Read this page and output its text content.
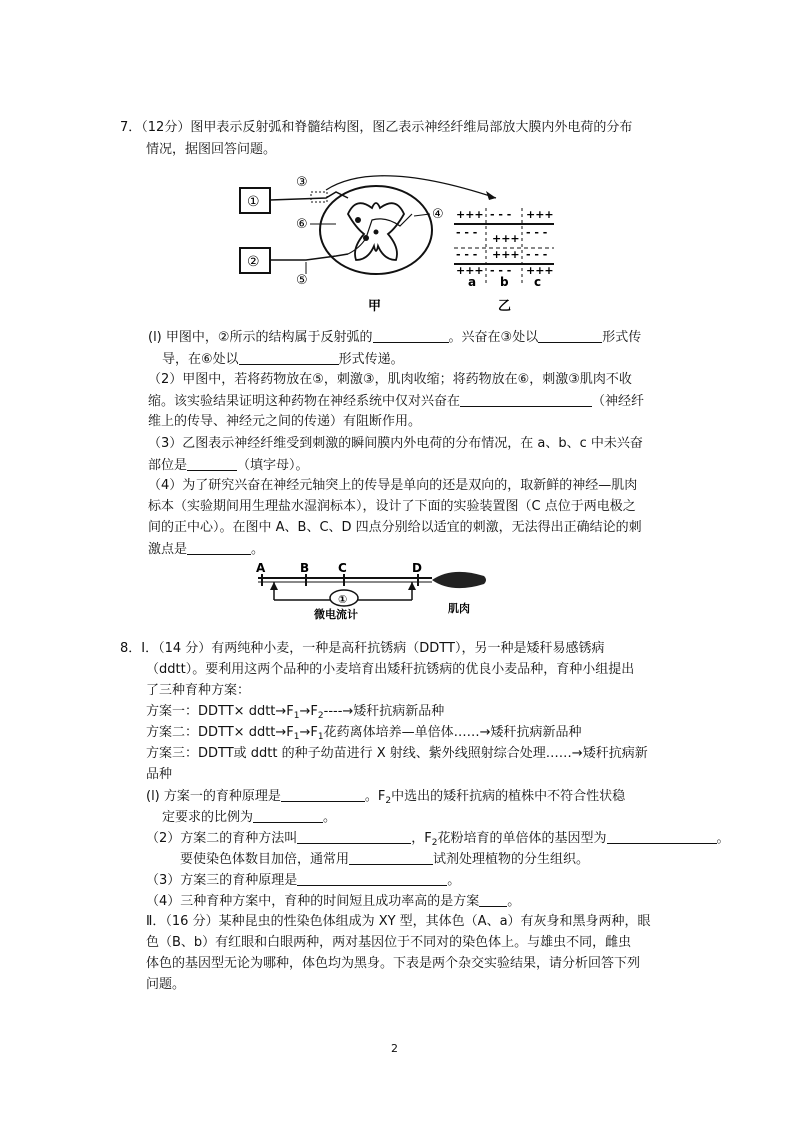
7．（12分）图甲表示反射弧和脊髓结构图，图乙表示神经纤维局部放大膜内外电荷的分布
情况，据图回答问题。
①
②
③
⑥
④
⑤
甲
+++ - - - +++
- - - +++ - - -
- - - +++ - - -
+++ - - - +++
a b c
乙
(l) 甲图中，②所示的结构属于反射弧的	。兴奋在③处以	形式传
导，在⑥处以	形式传递。
（2）甲图中，若将药物放在⑤，刺激③，肌肉收缩；将药物放在⑥，刺激③肌肉不收
缩。该实验结果证明这种药物在神经系统中仅对兴奋在	（神经纤
维上的传导、神经元之间的传递）有阻断作用。
（3）乙图表示神经纤维受到刺激的瞬间膜内外电荷的分布情况，在 a、b、c 中未兴奋
部位是	（填字母）。
（4）为了研究兴奋在神经元轴突上的传导是单向的还是双向的，取新鲜的神经—肌肉
标本（实验期间用生理盐水湿润标本），设计了下面的实验装置图（C 点位于两电极之
间的正中心）。在图中 A、B、C、D 四点分别给以适宜的刺激，无法得出正确结论的刺
激点是	。
A	B C	D
①
微电流计	肌肉
8．Ⅰ．（14 分）有两纯种小麦，一种是高秆抗锈病（DDTT），另一种是矮秆易感锈病
（ddtt）。要利用这两个品种的小麦培育出矮秆抗锈病的优良小麦品种，育种小组提出
了三种育种方案：
方案一：DDTT× $ddtt\to F_1\to F_2----\to$矮秆抗病新品种
方案二：DDTT× $ddtt\to F_1\to F_1$花药离体培养—单倍体……→矮秆抗病新品种
方案三：DDTT或 ddtt 的种子幼苗进行 X 射线、紫外线照射综合处理……→矮秆抗病新
品种
(l) 方案一的育种原理是	。$F_2$中选出的矮秆抗病的植株中不符合性状稳
定要求的比例为	。
（2）方案二的育种方法叫	，$F_2$花粉培育的单倍体的基因型为	。
要使染色体数目加倍，通常用	试剂处理植物的分生组织。
（3）方案三的育种原理是	。
（4）三种育种方案中，育种的时间短且成功率高的是方案 。
Ⅱ．（16 分）某种昆虫的性染色体组成为 XY 型，其体色（A、a）有灰身和黑身两种，眼
色（B、b）有红眼和白眼两种，两对基因位于不同对的染色体上。与雄虫不同，雌虫
体色的基因型无论为哪种，体色均为黑身。下表是两个杂交实验结果，请分析回答下列
问题。
2
